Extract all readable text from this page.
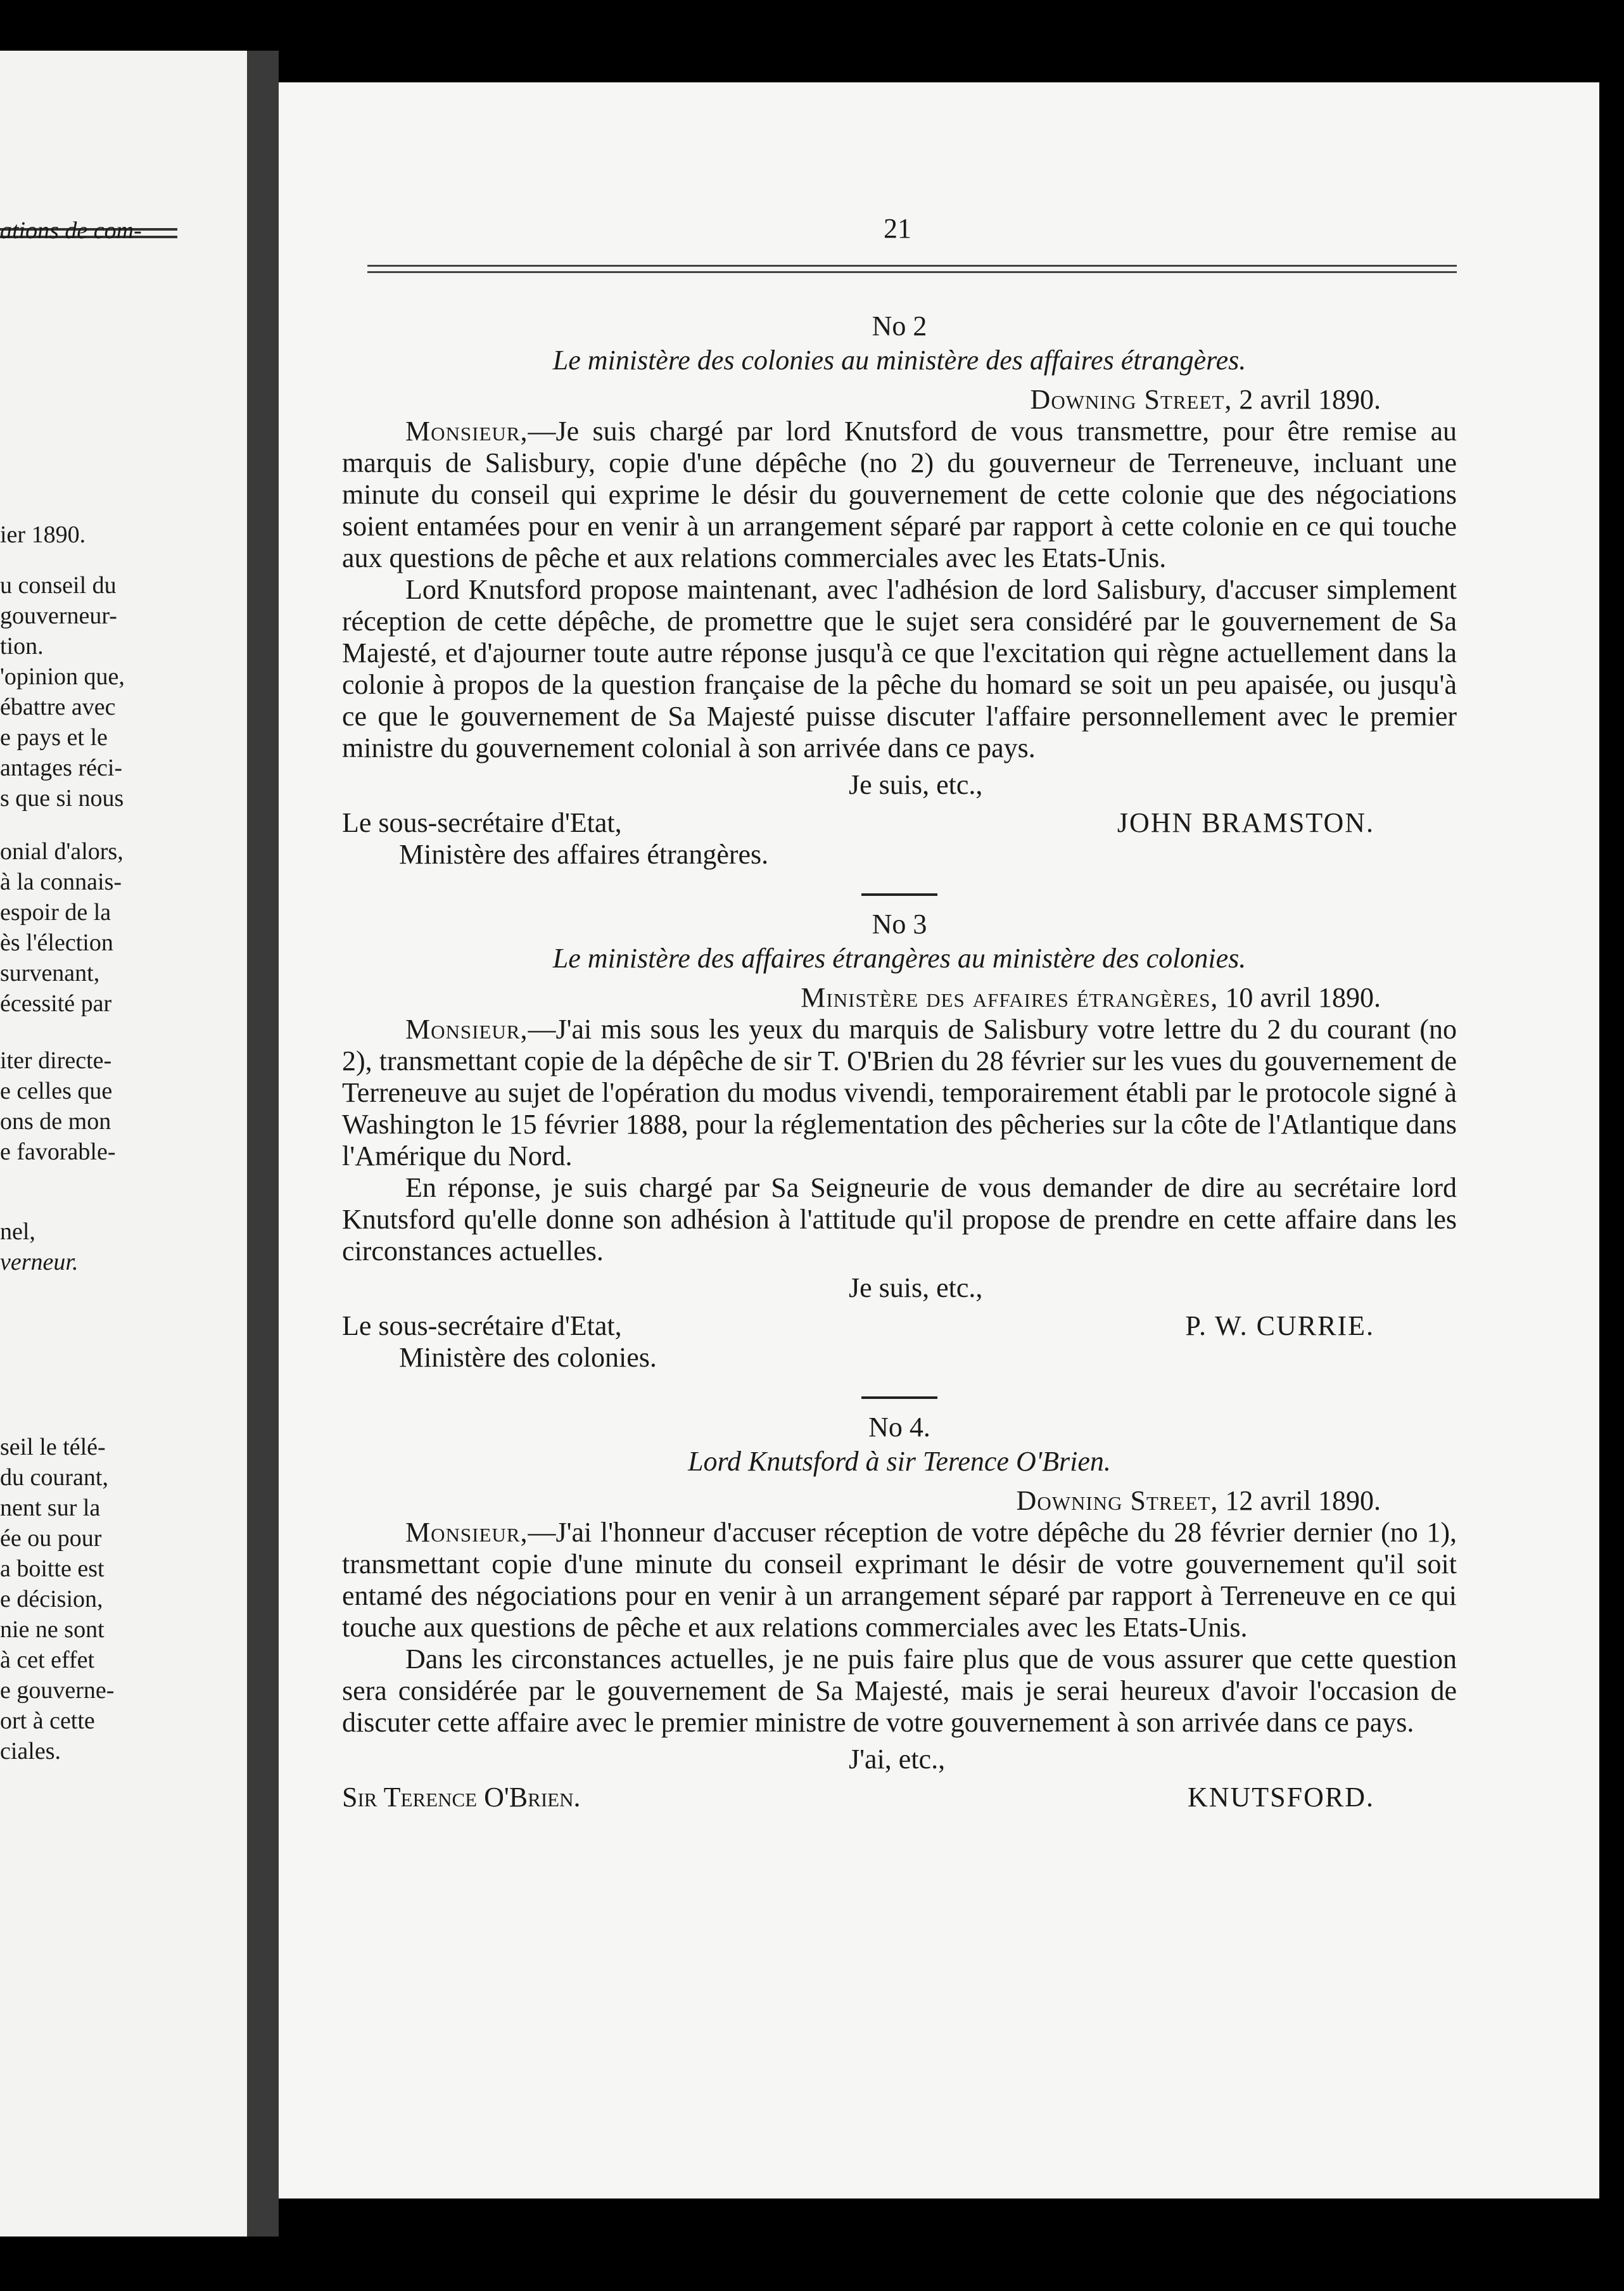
ations de com-
ier 1890.
u conseil du
gouverneur-
tion.
'opinion que,
ébattre avec
e pays et le
antages réci-
s que si nous
onial d'alors,
à la connais-
espoir de la
ès l'élection
survenant,
écessité par
iter directe-
e celles que
ons de mon
e favorable-
nel,
verneur.
seil le télé-
du courant,
nent sur la
ée ou pour
a boitte est
e décision,
nie ne sont
à cet effet
e gouverne-
ort à cette
ciales.
21

No 2

Le ministère des colonies au ministère des affaires étrangères.

Downing Street, 2 avril 1890.

Monsieur,—Je suis chargé par lord Knutsford de vous transmettre, pour être remise au marquis de Salisbury, copie d'une dépêche (no 2) du gouverneur de Terreneuve, incluant une minute du conseil qui exprime le désir du gouvernement de cette colonie que des négociations soient entamées pour en venir à un arrangement séparé par rapport à cette colonie en ce qui touche aux questions de pêche et aux relations commerciales avec les Etats-Unis.

Lord Knutsford propose maintenant, avec l'adhésion de lord Salisbury, d'accuser simplement réception de cette dépêche, de promettre que le sujet sera considéré par le gouvernement de Sa Majesté, et d'ajourner toute autre réponse jusqu'à ce que l'excitation qui règne actuellement dans la colonie à propos de la question française de la pêche du homard se soit un peu apaisée, ou jusqu'à ce que le gouvernement de Sa Majesté puisse discuter l'affaire personnellement avec le premier ministre du gouvernement colonial à son arrivée dans ce pays.

Je suis, etc.,

Le sous-secrétaire d'Etat,
Ministère des affaires étrangères.
JOHN BRAMSTON.

No 3

Le ministère des affaires étrangères au ministère des colonies.

Ministère des affaires étrangères, 10 avril 1890.

Monsieur,—J'ai mis sous les yeux du marquis de Salisbury votre lettre du 2 du courant (no 2), transmettant copie de la dépêche de sir T. O'Brien du 28 février sur les vues du gouvernement de Terreneuve au sujet de l'opération du modus vivendi, temporairement établi par le protocole signé à Washington le 15 février 1888, pour la réglementation des pêcheries sur la côte de l'Atlantique dans l'Amérique du Nord.

En réponse, je suis chargé par Sa Seigneurie de vous demander de dire au secrétaire lord Knutsford qu'elle donne son adhésion à l'attitude qu'il propose de prendre en cette affaire dans les circonstances actuelles.

Je suis, etc.,

Le sous-secrétaire d'Etat,
Ministère des colonies.
P. W. CURRIE.

No 4.

Lord Knutsford à sir Terence O'Brien.

Downing Street, 12 avril 1890.

Monsieur,—J'ai l'honneur d'accuser réception de votre dépêche du 28 février dernier (no 1), transmettant copie d'une minute du conseil exprimant le désir de votre gouvernement qu'il soit entamé des négociations pour en venir à un arrangement séparé par rapport à Terreneuve en ce qui touche aux questions de pêche et aux relations commerciales avec les Etats-Unis.

Dans les circonstances actuelles, je ne puis faire plus que de vous assurer que cette question sera considérée par le gouvernement de Sa Majesté, mais je serai heureux d'avoir l'occasion de discuter cette affaire avec le premier ministre de votre gouvernement à son arrivée dans ce pays.

J'ai, etc.,

Sir Terence O'Brien.	KNUTSFORD.
